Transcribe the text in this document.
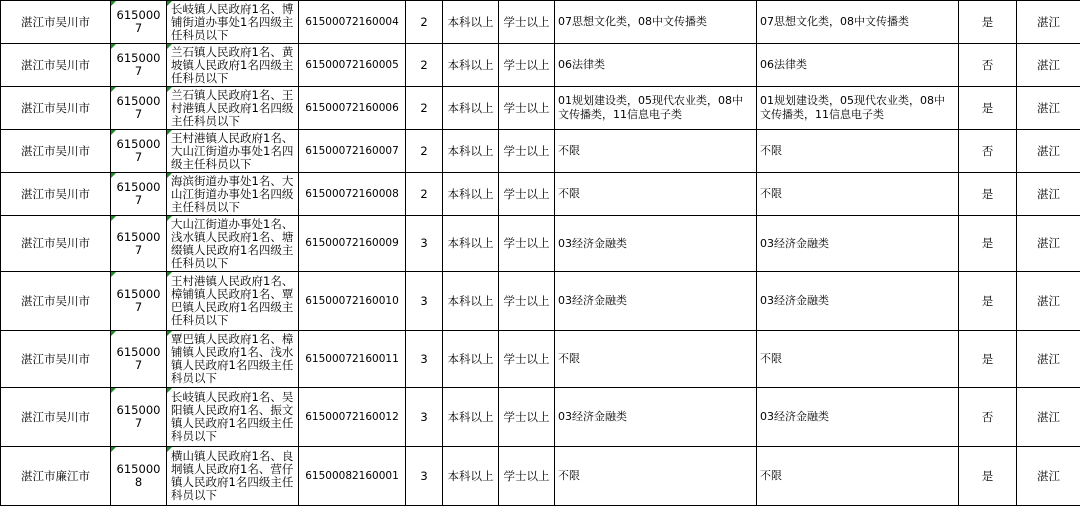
湛江市吴川市	6150007	长岐镇人民政府1名、博铺街道办事处1名四级主任科员以下	61500072160004	2	本科以上	学士以上	07思想文化类，08中文传播类	07思想文化类，08中文传播类	是	湛江
湛江市吴川市	6150007	兰石镇人民政府1名、黄坡镇人民政府1名四级主任科员以下	61500072160005	2	本科以上	学士以上	06法律类	06法律类	否	湛江
湛江市吴川市	6150007	兰石镇人民政府1名、王村港镇人民政府1名四级主任科员以下	61500072160006	2	本科以上	学士以上	01规划建设类，05现代农业类，08中文传播类，11信息电子类	01规划建设类，05现代农业类，08中文传播类，11信息电子类	是	湛江
湛江市吴川市	6150007	王村港镇人民政府1名、大山江街道办事处1名四级主任科员以下	61500072160007	2	本科以上	学士以上	不限	不限	否	湛江
湛江市吴川市	6150007	海滨街道办事处1名、大山江街道办事处1名四级主任科员以下	61500072160008	2	本科以上	学士以上	不限	不限	是	湛江
湛江市吴川市	6150007	大山江街道办事处1名、浅水镇人民政府1名、塘缀镇人民政府1名四级主任科员以下	61500072160009	3	本科以上	学士以上	03经济金融类	03经济金融类	是	湛江
湛江市吴川市	6150007	王村港镇人民政府1名、樟铺镇人民政府1名、覃巴镇人民政府1名四级主任科员以下	61500072160010	3	本科以上	学士以上	03经济金融类	03经济金融类	是	湛江
湛江市吴川市	6150007	覃巴镇人民政府1名、樟铺镇人民政府1名、浅水镇人民政府1名四级主任科员以下	61500072160011	3	本科以上	学士以上	不限	不限	是	湛江
湛江市吴川市	6150007	长岐镇人民政府1名、吴阳镇人民政府1名、振文镇人民政府1名四级主任科员以下	61500072160012	3	本科以上	学士以上	03经济金融类	03经济金融类	否	湛江
湛江市廉江市	6150008	横山镇人民政府1名、良垌镇人民政府1名、营仔镇人民政府1名四级主任科员以下	61500082160001	3	本科以上	学士以上	不限	不限	是	湛江
